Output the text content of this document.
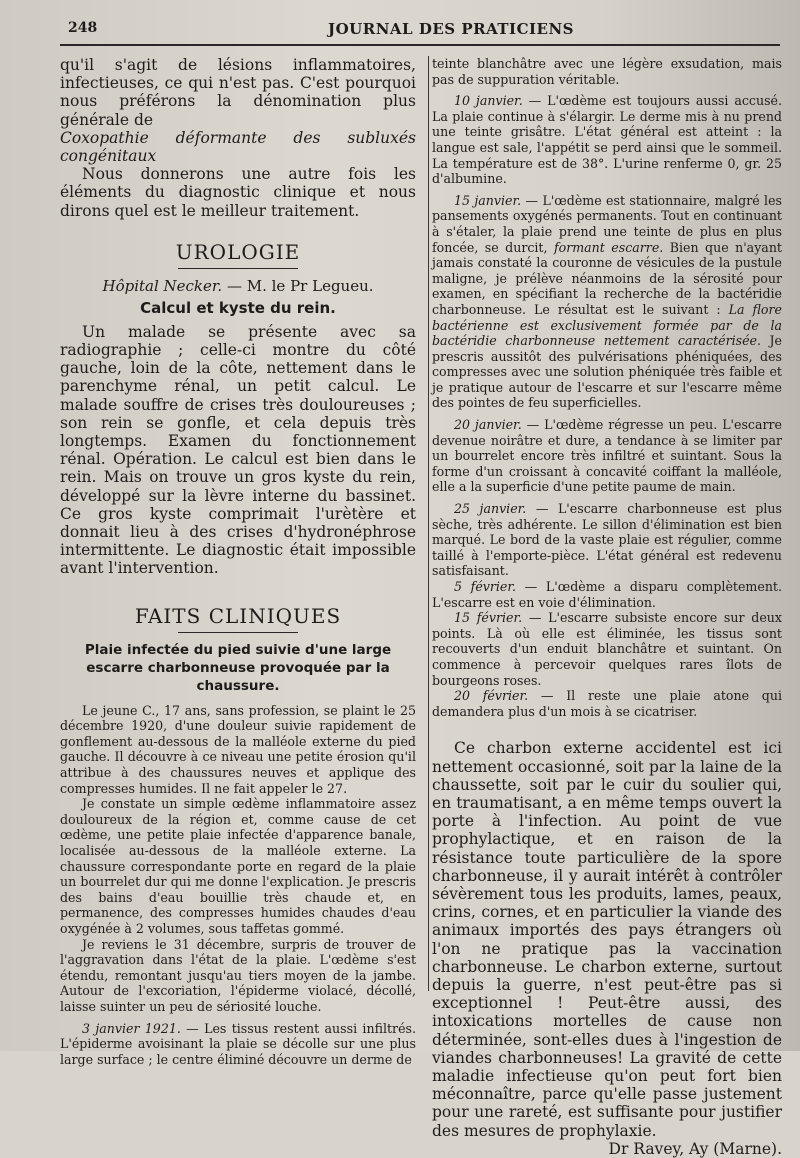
248	JOURNAL DES PRATICIENS

qu'il s'agit de lésions inflammatoires, infectieuses, ce qui n'est pas. C'est pourquoi nous préférons la dénomination plus générale de
Coxopathie déformante des subluxés congénitaux

Nous donnerons une autre fois les éléments du diagnostic clinique et nous dirons quel est le meilleur traitement.

UROLOGIE
Hôpital Necker. — M. le Pr Legueu.
Calcul et kyste du rein.

Un malade se présente avec sa radiographie ; celle-ci montre du côté gauche, loin de la côte, nettement dans le parenchyme rénal, un petit calcul. Le malade souffre de crises très douloureuses ; son rein se gonfle, et cela depuis très longtemps. Examen du fonctionnement rénal. Opération. Le calcul est bien dans le rein. Mais on trouve un gros kyste du rein, développé sur la lèvre interne du bassinet. Ce gros kyste comprimait l'urètère et donnait lieu à des crises d'hydronéphrose intermittente. Le diagnostic était impossible avant l'intervention.

FAITS CLINIQUES
Plaie infectée du pied suivie d'une large escarre charbonneuse provoquée par la chaussure.

Le jeune C., 17 ans, sans profession, se plaint le 25 décembre 1920, d'une douleur suivie rapidement de gonflement au-dessous de la malléole externe du pied gauche. Il découvre à ce niveau une petite érosion qu'il attribue à des chaussures neuves et applique des compresses humides. Il ne fait appeler le 27.

Je constate un simple œdème inflammatoire assez douloureux de la région et, comme cause de cet œdème, une petite plaie infectée d'apparence banale, localisée au-dessous de la malléole externe. La chaussure correspondante porte en regard de la plaie un bourrelet dur qui me donne l'explication. Je prescris des bains d'eau bouillie très chaude et, en permanence, des compresses humides chaudes d'eau oxygénée à 2 volumes, sous taffetas gommé.

Je reviens le 31 décembre, surpris de trouver de l'aggravation dans l'état de la plaie. L'œdème s'est étendu, remontant jusqu'au tiers moyen de la jambe. Autour de l'excoriation, l'épiderme violacé, décollé, laisse suinter un peu de sériosité louche.

3 janvier 1921. — Les tissus restent aussi infiltrés. L'épiderme avoisinant la plaie se décolle sur une plus large surface ; le centre éliminé découvre un derme de

teinte blanchâtre avec une légère exsudation, mais pas de suppuration véritable.

10 janvier. — L'œdème est toujours aussi accusé. La plaie continue à s'élargir. Le derme mis à nu prend une teinte grisâtre. L'état général est atteint : la langue est sale, l'appétit se perd ainsi que le sommeil. La température est de 38°. L'urine renferme 0, gr. 25 d'albumine.

15 janvier. — L'œdème est stationnaire, malgré les pansements oxygénés permanents. Tout en continuant à s'étaler, la plaie prend une teinte de plus en plus foncée, se durcit, formant escarre. Bien que n'ayant jamais constaté la couronne de vésicules de la pustule maligne, je prélève néanmoins de la sérosité pour examen, en spécifiant la recherche de la bactéridie charbonneuse. Le résultat est le suivant : La flore bactérienne est exclusivement formée par de la bactéridie charbonneuse nettement caractérisée. Je prescris aussitôt des pulvérisations phéniquées, des compresses avec une solution phéniquée très faible et je pratique autour de l'escarre et sur l'escarre même des pointes de feu superficielles.

20 janvier. — L'œdème régresse un peu. L'escarre devenue noirâtre et dure, a tendance à se limiter par un bourrelet encore très infiltré et suintant. Sous la forme d'un croissant à concavité coiffant la malléole, elle a la superficie d'une petite paume de main.

25 janvier. — L'escarre charbonneuse est plus sèche, très adhérente. Le sillon d'élimination est bien marqué. Le bord de la vaste plaie est régulier, comme taillé à l'emporte-pièce. L'état général est redevenu satisfaisant.

5 février. — L'œdème a disparu complètement. L'escarre est en voie d'élimination.

15 février. — L'escarre subsiste encore sur deux points. Là où elle est éliminée, les tissus sont recouverts d'un enduit blanchâtre et suintant. On commence à percevoir quelques rares îlots de bourgeons roses.

20 février. — Il reste une plaie atone qui demandera plus d'un mois à se cicatriser.

Ce charbon externe accidentel est ici nettement occasionné, soit par la laine de la chaussette, soit par le cuir du soulier qui, en traumatisant, a en même temps ouvert la porte à l'infection. Au point de vue prophylactique, et en raison de la résistance toute particulière de la spore charbonneuse, il y aurait intérêt à contrôler sévèrement tous les produits, lames, peaux, crins, cornes, et en particulier la viande des animaux importés des pays étrangers où l'on ne pratique pas la vaccination charbonneuse. Le charbon externe, surtout depuis la guerre, n'est peut-être pas si exceptionnel ! Peut-être aussi, des intoxications mortelles de cause non déterminée, sont-elles dues à l'ingestion de viandes charbonneuses! La gravité de cette maladie infectieuse qu'on peut fort bien méconnaître, parce qu'elle passe justement pour une rareté, est suffisante pour justifier des mesures de prophylaxie.

Dr Ravey, Ay (Marne).
